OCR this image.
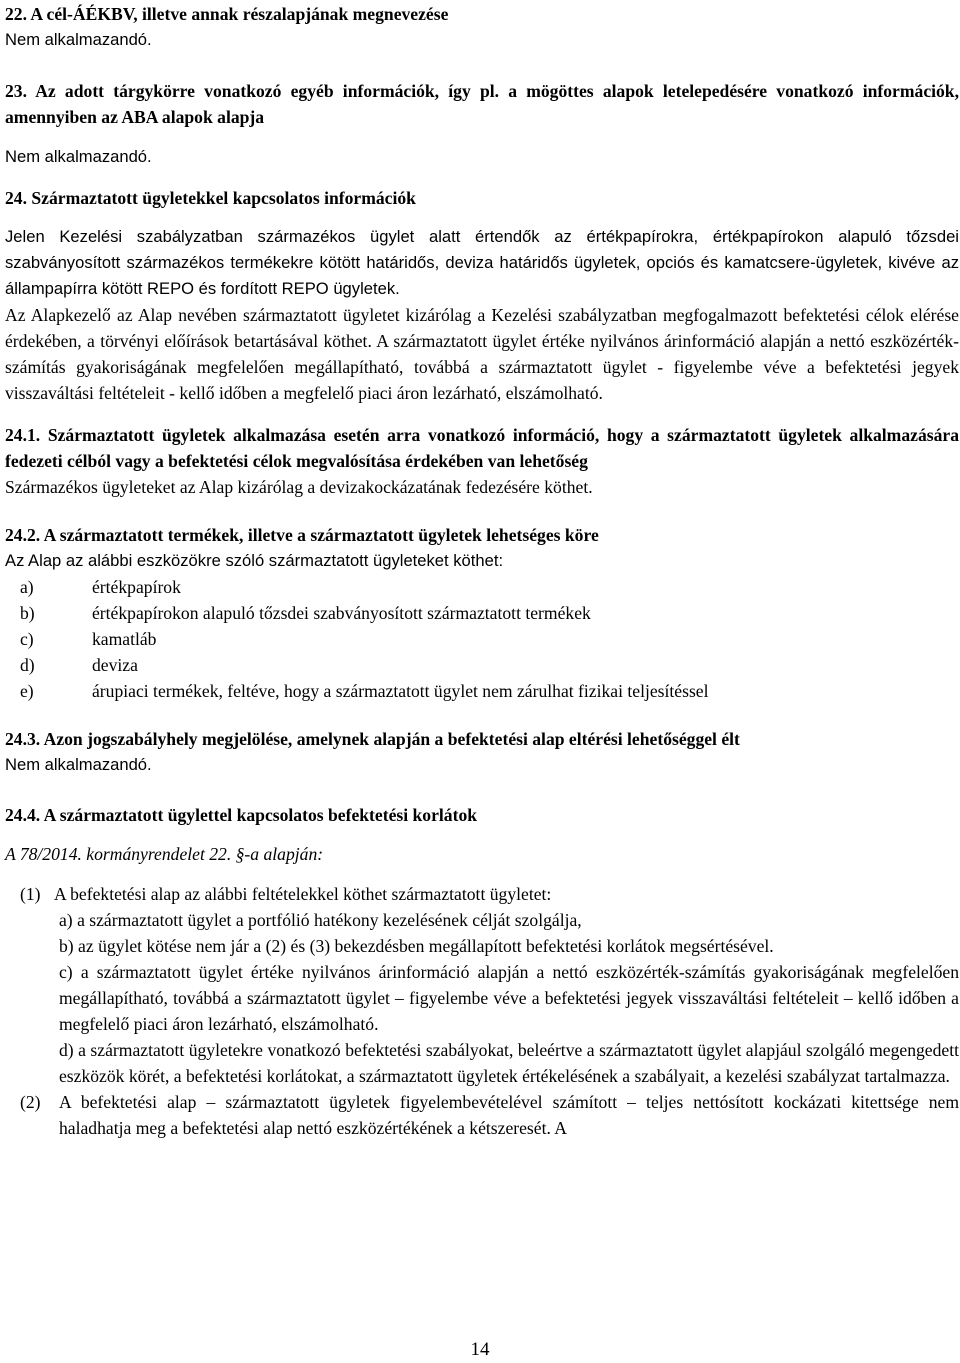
22. A cél-ÁÉKBV, illetve annak részalapjának megnevezése

Nem alkalmazandó.

23. Az adott tárgykörre vonatkozó egyéb információk, így pl. a mögöttes alapok letelepedésére vonatkozó információk, amennyiben az ABA alapok alapja

Nem alkalmazandó.

24. Származtatott ügyletekkel kapcsolatos információk

Jelen Kezelési szabályzatban származékos ügylet alatt értendők az értékpapírokra, értékpapírokon alapuló tőzsdei szabványosított származékos termékekre kötött határidős, deviza határidős ügyletek, opciós és kamatcsere-ügyletek, kivéve az állampapírra kötött REPO és fordított REPO ügyletek.

Az Alapkezelő az Alap nevében származtatott ügyletet kizárólag a Kezelési szabályzatban megfogalmazott befektetési célok elérése érdekében, a törvényi előírások betartásával köthet. A származtatott ügylet értéke nyilvános árinformáció alapján a nettó eszközérték-számítás gyakoriságának megfelelően megállapítható, továbbá a származtatott ügylet - figyelembe véve a befektetési jegyek visszaváltási feltételeit - kellő időben a megfelelő piaci áron lezárható, elszámolható.

24.1. Származtatott ügyletek alkalmazása esetén arra vonatkozó információ, hogy a származtatott ügyletek alkalmazására fedezeti célból vagy a befektetési célok megvalósítása érdekében van lehetőség

Származékos ügyleteket az Alap kizárólag a devizakockázatának fedezésére köthet.

24.2. A származtatott termékek, illetve a származtatott ügyletek lehetséges köre

Az Alap az alábbi eszközökre szóló származtatott ügyleteket köthet:

a)	értékpapírok
b)	értékpapírokon alapuló tőzsdei szabványosított származtatott termékek
c)	kamatláb
d)	deviza
e)	árupiaci termékek, feltéve, hogy a származtatott ügylet nem zárulhat fizikai teljesítéssel

24.3. Azon jogszabályhely megjelölése, amelynek alapján a befektetési alap eltérési lehetőséggel élt

Nem alkalmazandó.

24.4. A származtatott ügylettel kapcsolatos befektetési korlátok

A 78/2014. kormányrendelet 22. §-a alapján:

(1) A befektetési alap az alábbi feltételekkel köthet származtatott ügyletet:

a) a származtatott ügylet a portfólió hatékony kezelésének célját szolgálja,

b) az ügylet kötése nem jár a (2) és (3) bekezdésben megállapított befektetési korlátok megsértésével.

c) a származtatott ügylet értéke nyilvános árinformáció alapján a nettó eszközérték-számítás gyakoriságának megfelelően megállapítható, továbbá a származtatott ügylet – figyelembe véve a befektetési jegyek visszaváltási feltételeit – kellő időben a megfelelő piaci áron lezárható, elszámolható.

d) a származtatott ügyletekre vonatkozó befektetési szabályokat, beleértve a származtatott ügylet alapjául szolgáló megengedett eszközök körét, a befektetési korlátokat, a származtatott ügyletek értékelésének a szabályait, a kezelési szabályzat tartalmazza.

(2) A befektetési alap – származtatott ügyletek figyelembevételével számított – teljes nettósított kockázati kitettsége nem haladhatja meg a befektetési alap nettó eszközértékének a kétszeresét. A

14
